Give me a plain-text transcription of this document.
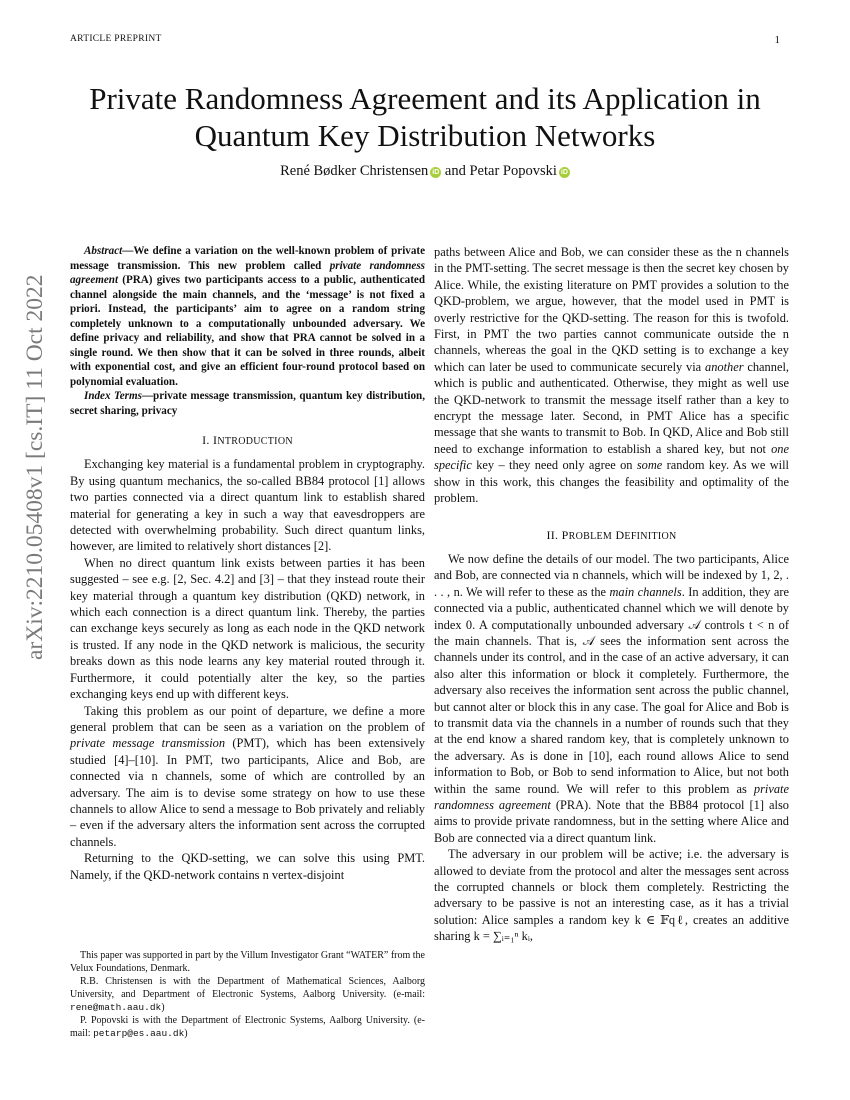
ARTICLE PREPRINT	1
arXiv:2210.05408v1 [cs.IT] 11 Oct 2022
Private Randomness Agreement and its Application in Quantum Key Distribution Networks
René Bødker Christensen iD and Petar Popovski iD

Abstract—We define a variation on the well-known problem of private message transmission. This new problem called private randomness agreement (PRA) gives two participants access to a public, authenticated channel alongside the main channels, and the ‘message’ is not fixed a priori. Instead, the participants’ aim to agree on a random string completely unknown to a computationally unbounded adversary. We define privacy and reliability, and show that PRA cannot be solved in a single round. We then show that it can be solved in three rounds, albeit with exponential cost, and give an efficient four-round protocol based on polynomial evaluation.

Index Terms—private message transmission, quantum key distribution, secret sharing, privacy

I. INTRODUCTION

Exchanging key material is a fundamental problem in cryptography. By using quantum mechanics, the so-called BB84 protocol [1] allows two parties connected via a direct quantum link to establish shared material for generating a key in such a way that eavesdroppers are detected with overwhelming probability. Such direct quantum links, however, are limited to relatively short distances [2].

When no direct quantum link exists between parties it has been suggested – see e.g. [2, Sec. 4.2] and [3] – that they instead route their key material through a quantum key distribution (QKD) network, in which each connection is a direct quantum link. Thereby, the parties can exchange keys securely as long as each node in the QKD network is trusted. If any node in the QKD network is malicious, the security breaks down as this node learns any key material routed through it. Furthermore, it could potentially alter the key, so the parties exchanging keys end up with different keys.

Taking this problem as our point of departure, we define a more general problem that can be seen as a variation on the problem of private message transmission (PMT), which has been extensively studied [4]–[10]. In PMT, two participants, Alice and Bob, are connected via n channels, some of which are controlled by an adversary. The aim is to devise some strategy on how to use these channels to allow Alice to send a message to Bob privately and reliably – even if the adversary alters the information sent across the corrupted channels.

Returning to the QKD-setting, we can solve this using PMT. Namely, if the QKD-network contains n vertex-disjoint

This paper was supported in part by the Villum Investigator Grant “WATER” from the Velux Foundations, Denmark.

R.B. Christensen is with the Department of Mathematical Sciences, Aalborg University, and Department of Electronic Systems, Aalborg University. (e-mail: rene@math.aau.dk)

P. Popovski is with the Department of Electronic Systems, Aalborg University. (e-mail: petarp@es.aau.dk)

paths between Alice and Bob, we can consider these as the n channels in the PMT-setting. The secret message is then the secret key chosen by Alice. While, the existing literature on PMT provides a solution to the QKD-problem, we argue, however, that the model used in PMT is overly restrictive for the QKD-setting. The reason for this is twofold. First, in PMT the two parties cannot communicate outside the n channels, whereas the goal in the QKD setting is to exchange a key which can later be used to communicate securely via another channel, which is public and authenticated. Otherwise, they might as well use the QKD-network to transmit the message itself rather than a key to encrypt the message later. Second, in PMT Alice has a specific message that she wants to transmit to Bob. In QKD, Alice and Bob still need to exchange information to establish a shared key, but not one specific key – they need only agree on some random key. As we will show in this work, this changes the feasibility and optimality of the problem.

II. PROBLEM DEFINITION

We now define the details of our model. The two participants, Alice and Bob, are connected via n channels, which will be indexed by 1, 2, . . . , n. We will refer to these as the main channels. In addition, they are connected via a public, authenticated channel which we will denote by index 0. A computationally unbounded adversary 𝒜 controls t < n of the main channels. That is, 𝒜 sees the information sent across the channels under its control, and in the case of an active adversary, it can also alter this information or block it completely. Furthermore, the adversary also receives the information sent across the public channel, but cannot alter or block this in any case. The goal for Alice and Bob is to transmit data via the channels in a number of rounds such that they at the end know a shared random key, that is completely unknown to the adversary. As is done in [10], each round allows Alice to send information to Bob, or Bob to send information to Alice, but not both within the same round. We will refer to this problem as private randomness agreement (PRA). Note that the BB84 protocol [1] also aims to provide private randomness, but in the setting where Alice and Bob are connected via a direct quantum link.

The adversary in our problem will be active; i.e. the adversary is allowed to deviate from the protocol and alter the messages sent across the corrupted channels or block them completely. Restricting the adversary to be passive is not an interesting case, as it has a trivial solution: Alice samples a random key k ∈ 𝔽qℓ, creates an additive sharing k = ∑ᵢ₌₁ⁿ kᵢ,
